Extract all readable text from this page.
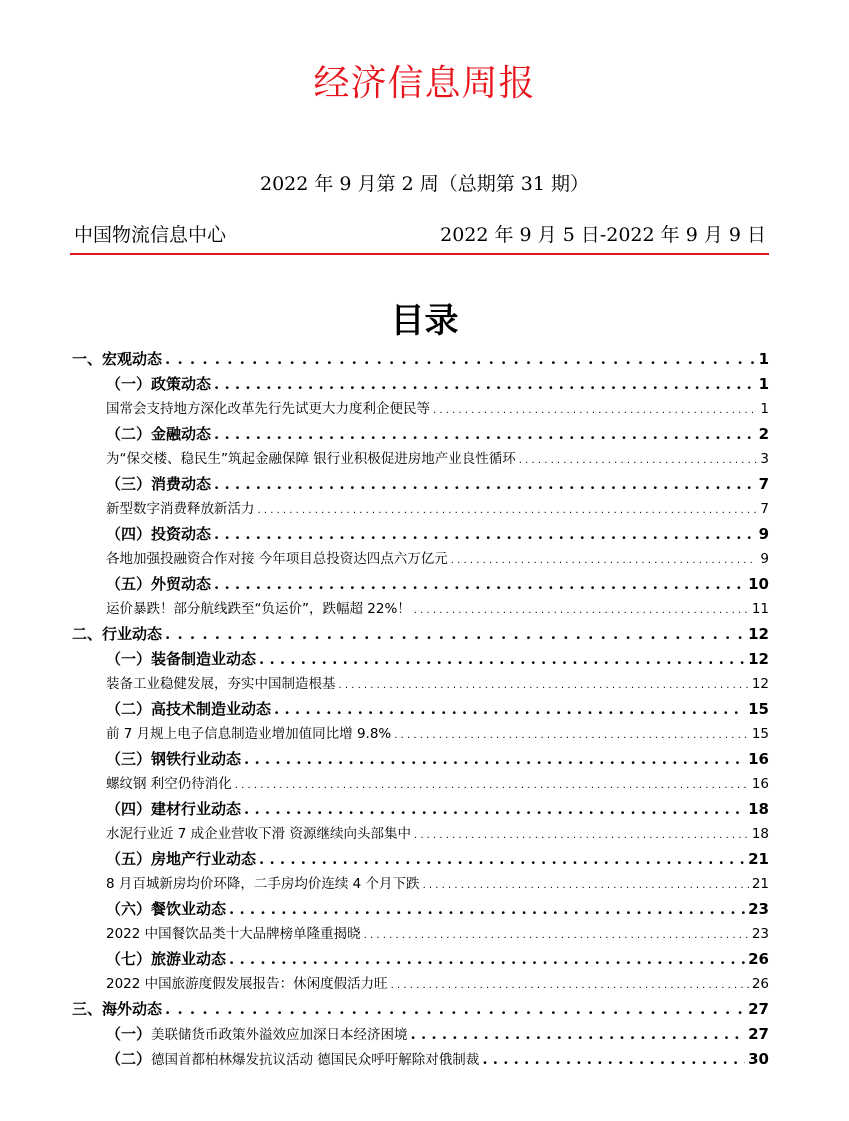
经济信息周报
2022 年 9 月第 2 周（总期第 31 期）
中国物流信息中心	2022 年 9 月 5 日-2022 年 9 月 9 日
目录
一、宏观动态 . . .	1
（一）政策动态 . . .	1
国常会支持地方深化改革先行先试更大力度利企便民等 . . .	1
（二）金融动态 . . .	2
为“保交楼、稳民生”筑起金融保障 银行业积极促进房地产业良性循环 . . .	3
（三）消费动态 . . .	7
新型数字消费释放新活力 . . .	7
（四）投资动态 . . .	9
各地加强投融资合作对接 今年项目总投资达四点六万亿元 . . .	9
（五）外贸动态 . . .	10
运价暴跌！部分航线跌至“负运价”，跌幅超 22%！ . . .	11
二、行业动态 . . .	12
（一）装备制造业动态 . . .	12
装备工业稳健发展，夯实中国制造根基 . . .	12
（二）高技术制造业动态 . . .	15
前 7 月规上电子信息制造业增加值同比增 9.8% . . .	15
（三）钢铁行业动态 . . .	16
螺纹钢 利空仍待消化 . . .	16
（四）建材行业动态 . . .	18
水泥行业近 7 成企业营收下滑 资源继续向头部集中 . . .	18
（五）房地产行业动态 . . .	21
8 月百城新房均价环降，二手房均价连续 4 个月下跌 . . .	21
（六）餐饮业动态 . . .	23
2022 中国餐饮品类十大品牌榜单隆重揭晓 . . .	23
（七）旅游业动态 . . .	26
2022 中国旅游度假发展报告：休闲度假活力旺 . . .	26
三、海外动态 . . .	27
（一）美联储货币政策外溢效应加深日本经济困境 . . .	27
（二）德国首都柏林爆发抗议活动 德国民众呼吁解除对俄制裁 . . .	30
